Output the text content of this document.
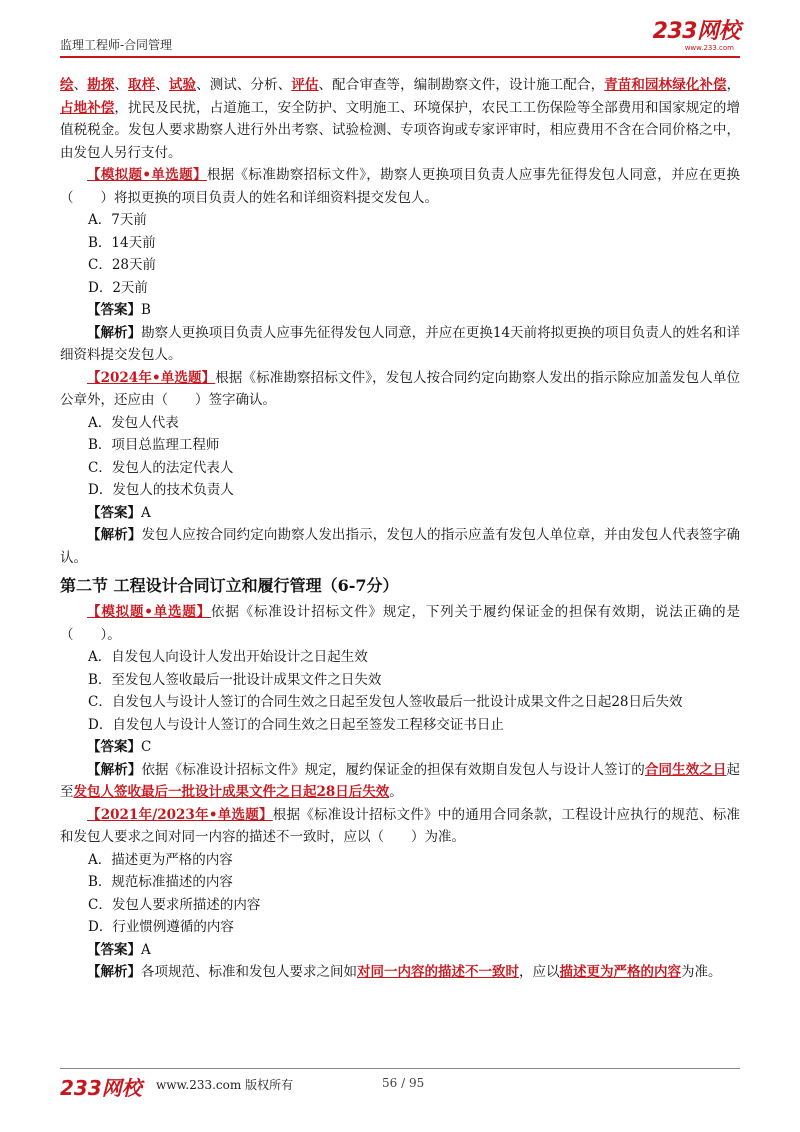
监理工程师-合同管理
233网校
www.233.com

绘、勘探、取样、试验、测试、分析、评估、配合审查等，编制勘察文件，设计施工配合，青苗和园林绿化补偿，占地补偿，扰民及民扰，占道施工，安全防护、文明施工、环境保护，农民工工伤保险等全部费用和国家规定的增值税税金。发包人要求勘察人进行外出考察、试验检测、专项咨询或专家评审时，相应费用不含在合同价格之中，由发包人另行支付。

【模拟题•单选题】根据《标准勘察招标文件》，勘察人更换项目负责人应事先征得发包人同意，并应在更换（　　）将拟更换的项目负责人的姓名和详细资料提交发包人。

A．7天前

B．14天前

C．28天前

D．2天前

【答案】B

【解析】勘察人更换项目负责人应事先征得发包人同意，并应在更换14天前将拟更换的项目负责人的姓名和详细资料提交发包人。

【2024年•单选题】根据《标准勘察招标文件》，发包人按合同约定向勘察人发出的指示除应加盖发包人单位公章外，还应由（　　）签字确认。

A．发包人代表

B．项目总监理工程师

C．发包人的法定代表人

D．发包人的技术负责人

【答案】A

【解析】发包人应按合同约定向勘察人发出指示，发包人的指示应盖有发包人单位章，并由发包人代表签字确认。

第二节 工程设计合同订立和履行管理（6-7分）

【模拟题•单选题】依据《标准设计招标文件》规定，下列关于履约保证金的担保有效期，说法正确的是（　　）。

A．自发包人向设计人发出开始设计之日起生效

B．至发包人签收最后一批设计成果文件之日失效

C．自发包人与设计人签订的合同生效之日起至发包人签收最后一批设计成果文件之日起28日后失效

D．自发包人与设计人签订的合同生效之日起至签发工程移交证书日止

【答案】C

【解析】依据《标准设计招标文件》规定，履约保证金的担保有效期自发包人与设计人签订的合同生效之日起至发包人签收最后一批设计成果文件之日起28日后失效。

【2021年/2023年•单选题】根据《标准设计招标文件》中的通用合同条款，工程设计应执行的规范、标准和发包人要求之间对同一内容的描述不一致时，应以（　　）为准。

A．描述更为严格的内容

B．规范标准描述的内容

C．发包人要求所描述的内容

D．行业惯例遵循的内容

【答案】A

【解析】各项规范、标准和发包人要求之间如对同一内容的描述不一致时，应以描述更为严格的内容为准。

233网校 www.233.com 版权所有	56 / 95
